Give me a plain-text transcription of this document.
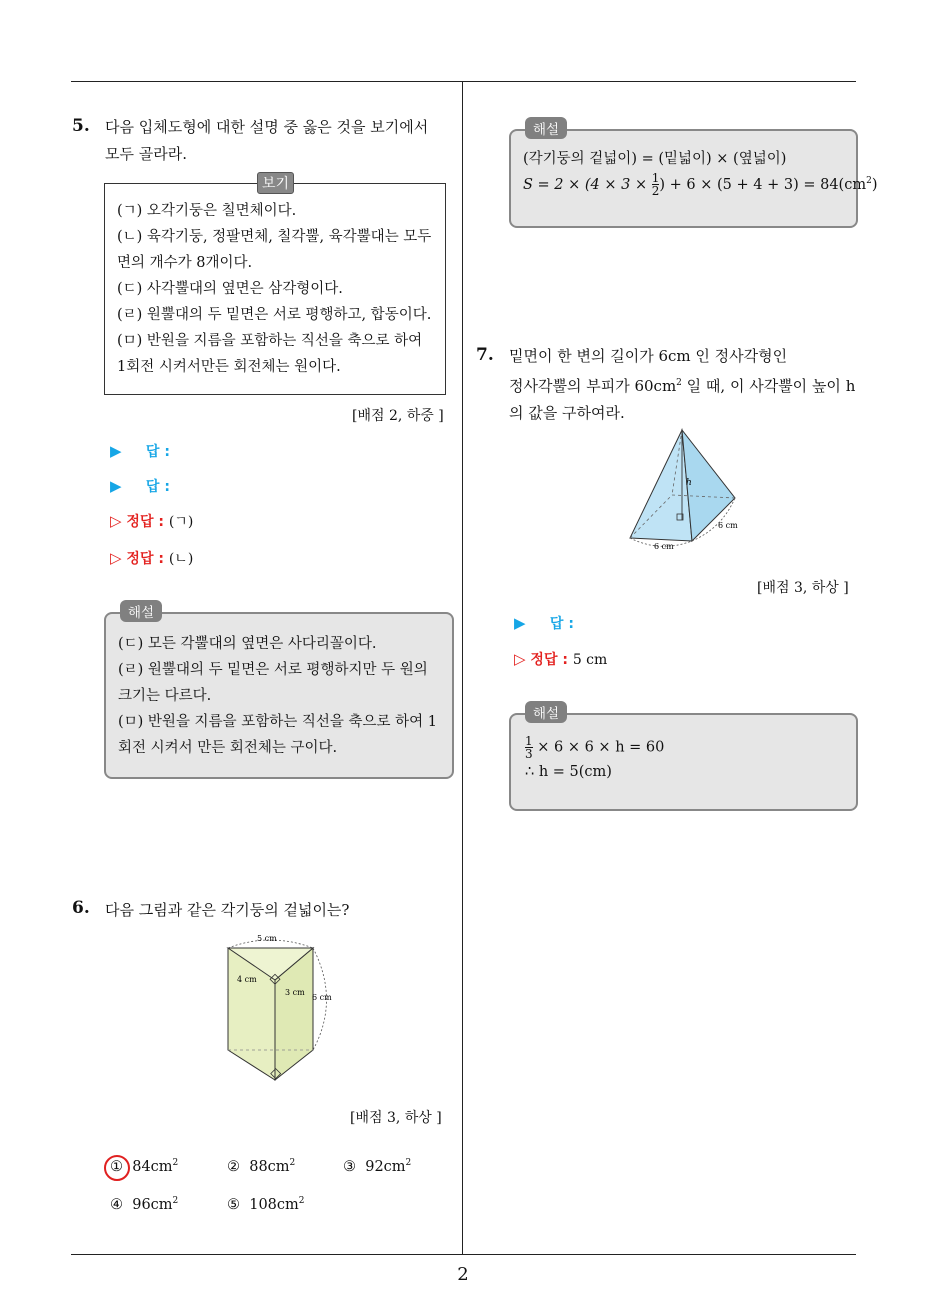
5. 다음 입체도형에 대한 설명 중 옳은 것을 보기에서
모두 골라라.
보기
(ㄱ) 오각기둥은 칠면체이다.
(ㄴ) 육각기둥, 정팔면체, 칠각뿔, 육각뿔대는 모두
면의 개수가 8개이다.
(ㄷ) 사각뿔대의 옆면은 삼각형이다.
(ㄹ) 원뿔대의 두 밑면은 서로 평행하고, 합동이다.
(ㅁ) 반원을 지름을 포함하는 직선을 축으로 하여
1회전 시켜서만든 회전체는 원이다.
[배점 2, 하중 ]
▶ 답 :
▶ 답 :
▷ 정답 : (ㄱ)
▷ 정답 : (ㄴ)
해설
(ㄷ) 모든 각뿔대의 옆면은 사다리꼴이다.
(ㄹ) 원뿔대의 두 밑면은 서로 평행하지만 두 원의
크기는 다르다.
(ㅁ) 반원을 지름을 포함하는 직선을 축으로 하여 1
회전 시켜서 만든 회전체는 구이다.
6. 다음 그림과 같은 각기둥의 겉넓이는?
5 cm
4 cm
3 cm
6 cm
[배점 3, 하상 ]
① $84cm^2$	② $88cm^2$	③ $92cm^2$
④ $96cm^2$	⑤ $108cm^2$
해설
(각기둥의 겉넓이) = (밑넓이) × (옆넓이)
$S = 2 \times (4 \times 3 \times \frac{1}{2}$ ) + $6 \times (5 + 4 + 3) = 84(cm^2)$
7. 밑면이 한 변의 길이가 6cm 인 정사각형인
정사각뿔의 부피가 $60cm^2$ 일 때, 이 사각뿔이 높이 h
의 값을 구하여라.
h
6 cm
6 cm
[배점 3, 하상 ]
▶ 답 :
▷ 정답 : 5 cm
해설
$\frac{1}{3} \times 6 \times 6 \times h = 60$
∴ h = 5(cm)
2
